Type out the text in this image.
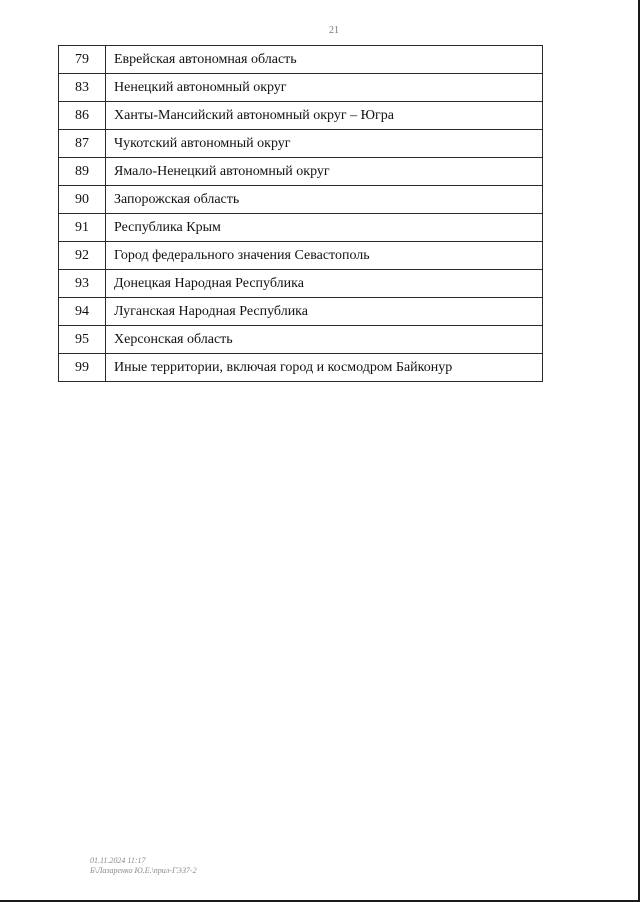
21
79	Еврейская автономная область
83	Ненецкий автономный округ
86	Ханты-Мансийский автономный округ – Югра
87	Чукотский автономный округ
89	Ямало-Ненецкий автономный округ
90	Запорожская область
91	Республика Крым
92	Город федерального значения Севастополь
93	Донецкая Народная Республика
94	Луганская Народная Республика
95	Херсонская область
99	Иные территории, включая город и космодром Байконур
01.11.2024 11:17
Б\Лазаренко Ю.Е.\прил-ГЭЗ7-2
